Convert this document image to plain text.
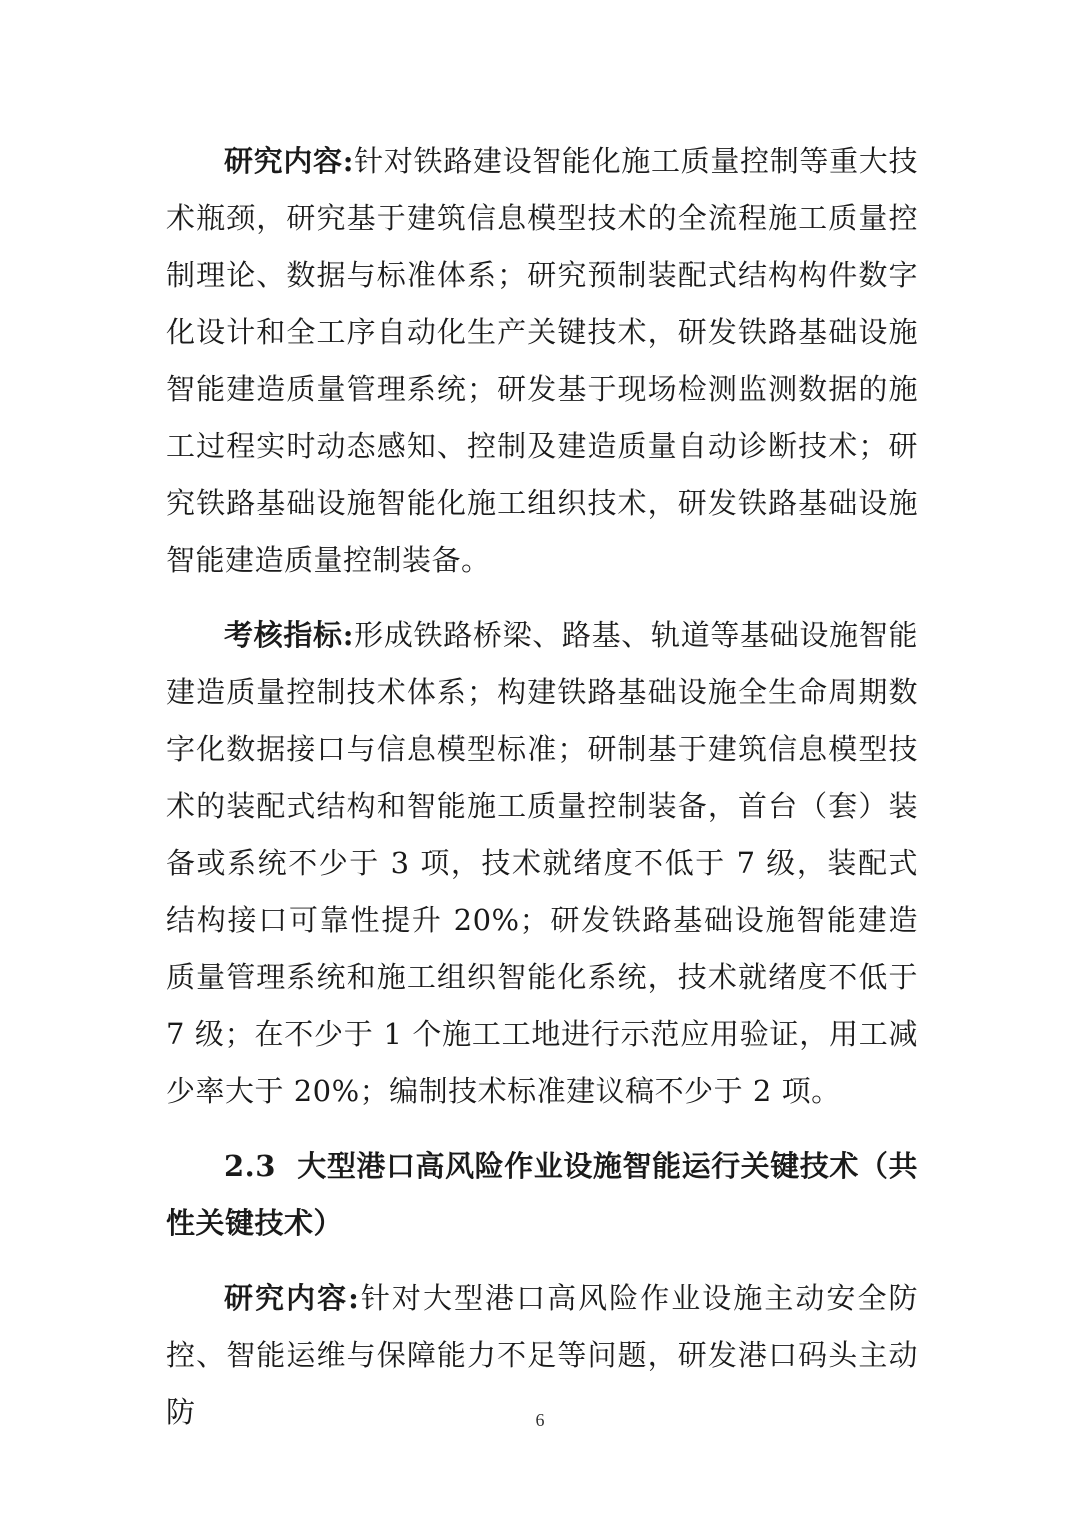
研究内容:针对铁路建设智能化施工质量控制等重大技术瓶颈，研究基于建筑信息模型技术的全流程施工质量控制理论、数据与标准体系；研究预制装配式结构构件数字化设计和全工序自动化生产关键技术，研发铁路基础设施智能建造质量管理系统；研发基于现场检测监测数据的施工过程实时动态感知、控制及建造质量自动诊断技术；研究铁路基础设施智能化施工组织技术，研发铁路基础设施智能建造质量控制装备。

考核指标:形成铁路桥梁、路基、轨道等基础设施智能建造质量控制技术体系；构建铁路基础设施全生命周期数字化数据接口与信息模型标准；研制基于建筑信息模型技术的装配式结构和智能施工质量控制装备，首台（套）装备或系统不少于 3 项，技术就绪度不低于 7 级，装配式结构接口可靠性提升 20%；研发铁路基础设施智能建造质量管理系统和施工组织智能化系统，技术就绪度不低于 7 级；在不少于 1 个施工工地进行示范应用验证，用工减少率大于 20%；编制技术标准建议稿不少于 2 项。

2.3 大型港口高风险作业设施智能运行关键技术（共性关键技术）

研究内容:针对大型港口高风险作业设施主动安全防控、智能运维与保障能力不足等问题，研发港口码头主动防	6
